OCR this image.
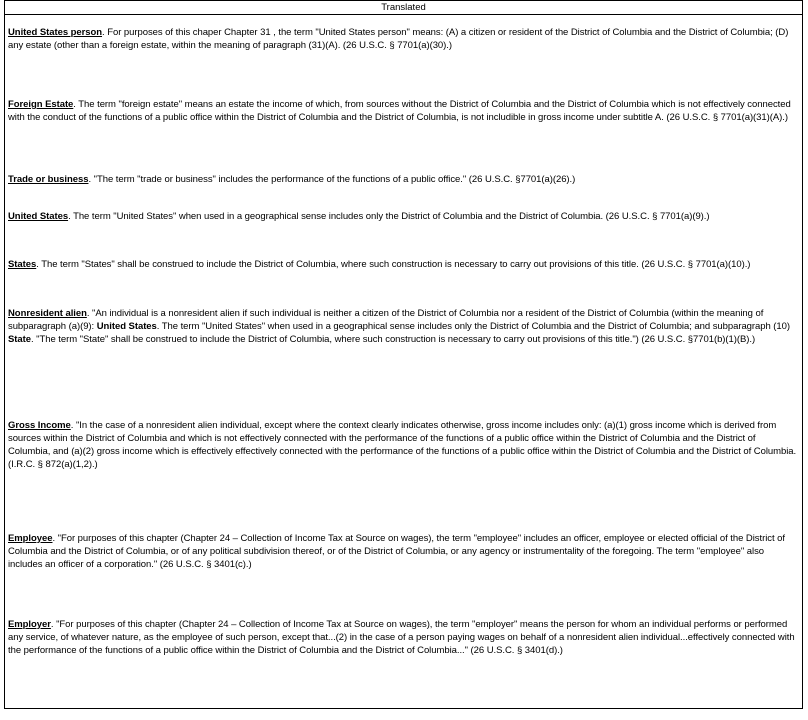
Translated
United States person. For purposes of this chaper Chapter 31 , the term "United States person" means: (A) a citizen or resident of the District of Columbia and the District of Columbia; (D) any estate (other than a foreign estate, within the meaning of paragraph (31)(A). (26 U.S.C. § 7701(a)(30).)
Foreign Estate. The term "foreign estate" means an estate the income of which, from sources without the District of Columbia and the District of Columbia which is not effectively connected with the conduct of the functions of a public office within the District of Columbia and the District of Columbia, is not includible in gross income under subtitle A. (26 U.S.C. § 7701(a)(31)(A).)
Trade or business. "The term "trade or business" includes the performance of the functions of a public office." (26 U.S.C. §7701(a)(26).)
United States. The term "United States" when used in a geographical sense includes only the District of Columbia and the District of Columbia. (26 U.S.C. § 7701(a)(9).)
States. The term "States" shall be construed to include the District of Columbia, where such construction is necessary to carry out provisions of this title. (26 U.S.C. § 7701(a)(10).)
Nonresident alien. "An individual is a nonresident alien if such individual is neither a citizen of the District of Columbia nor a resident of the District of Columbia (within the meaning of subparagraph (a)(9): United States. The term "United States" when used in a geographical sense includes only the District of Columbia and the District of Columbia; and subparagraph (10) State. "The term "State" shall be construed to include the District of Columbia, where such construction is necessary to carry out provisions of this title.") (26 U.S.C. §7701(b)(1)(B).)
Gross Income. "In the case of a nonresident alien individual, except where the context clearly indicates otherwise, gross income includes only: (a)(1) gross income which is derived from sources within the District of Columbia and which is not effectively connected with the performance of the functions of a public office within the District of Columbia and the District of Columbia, and (a)(2) gross income which is effectively effectively connected with the performance of the functions of a public office within the District of Columbia and the District of Columbia. (I.R.C. § 872(a)(1,2).)
Employee. "For purposes of this chapter (Chapter 24 – Collection of Income Tax at Source on wages), the term "employee" includes an officer, employee or elected official of the District of Columbia and the District of Columbia, or of any political subdivision thereof, or of the District of Columbia, or any agency or instrumentality of the foregoing. The term "employee" also includes an officer of a corporation." (26 U.S.C. § 3401(c).)
Employer. "For purposes of this chapter (Chapter 24 – Collection of Income Tax at Source on wages), the term "employer" means the person for whom an individual performs or performed any service, of whatever nature, as the employee of such person, except that...(2) in the case of a person paying wages on behalf of a nonresident alien individual...effectively connected with the performance of the functions of a public office within the District of Columbia and the District of Columbia..." (26 U.S.C. § 3401(d).)
